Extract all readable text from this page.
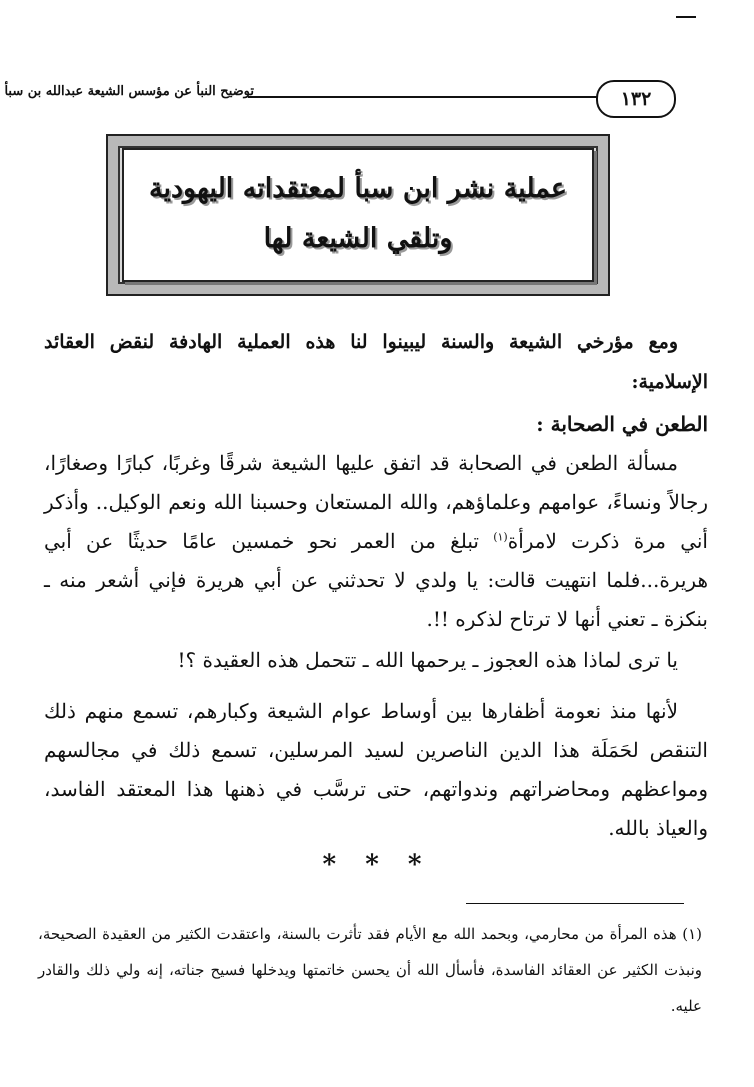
١٣٢
توضيح النبأ عن مؤسس الشيعة عبدالله بن سبأ
عملية نشر ابن سبأ لمعتقداته اليهودية
وتلقي الشيعة لها

ومع مؤرخي الشيعة والسنة ليبينوا لنا هذه العملية الهادفة لنقض العقائد الإسلامية:

الطعن في الصحابة :

مسألة الطعن في الصحابة قد اتفق عليها الشيعة شرقًا وغربًا، كبارًا وصغارًا، رجالاً ونساءً، عوامهم وعلماؤهم، والله المستعان وحسبنا الله ونعم الوكيل.. وأذكر أني مرة ذكرت لامرأة$^{(١)}$ تبلغ من العمر نحو خمسين عامًا حديثًا عن أبي هريرة...فلما انتهيت قالت: يا ولدي لا تحدثني عن أبي هريرة فإني أشعر منه ـ بنكزة ـ تعني أنها لا ترتاح لذكره !!.

يا ترى لماذا هذه العجوز ـ يرحمها الله ـ تتحمل هذه العقيدة ؟!

لأنها منذ نعومة أظفارها بين أوساط عوام الشيعة وكبارهم، تسمع منهم ذلك التنقص لحَمَلَة هذا الدين الناصرين لسيد المرسلين، تسمع ذلك في مجالسهم ومواعظهم ومحاضراتهم وندواتهم، حتى ترسَّب في ذهنها هذا المعتقد الفاسد، والعياذ بالله.

* * *
(١) هذه المرأة من محارمي، وبحمد الله مع الأيام فقد تأثرت بالسنة، واعتقدت الكثير من العقيدة الصحيحة، ونبذت الكثير عن العقائد الفاسدة، فأسأل الله أن يحسن خاتمتها ويدخلها فسيح جناته، إنه ولي ذلك والقادر عليه.
